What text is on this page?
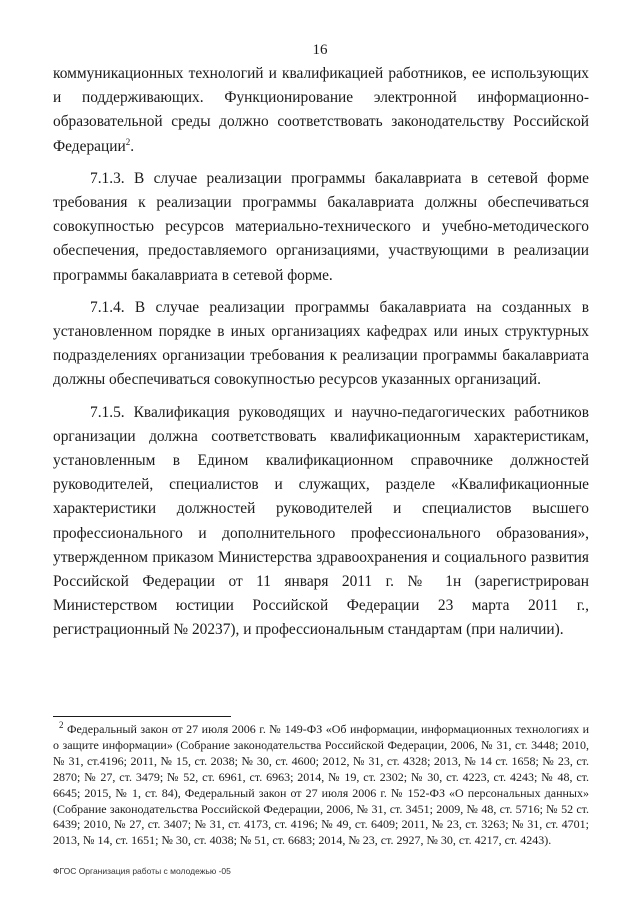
16

коммуникационных технологий и квалификацией работников, ее использующих и поддерживающих. Функционирование электронной информационно-образовательной среды должно соответствовать законодательству Российской Федерации$^2$.

7.1.3. В случае реализации программы бакалавриата в сетевой форме требования к реализации программы бакалавриата должны обеспечиваться совокупностью ресурсов материально-технического и учебно-методического обеспечения, предоставляемого организациями, участвующими в реализации программы бакалавриата в сетевой форме.

7.1.4. В случае реализации программы бакалавриата на созданных в установленном порядке в иных организациях кафедрах или иных структурных подразделениях организации требования к реализации программы бакалавриата должны обеспечиваться совокупностью ресурсов указанных организаций.

7.1.5. Квалификация руководящих и научно-педагогических работников организации должна соответствовать квалификационным характеристикам, установленным в Едином квалификационном справочнике должностей руководителей, специалистов и служащих, разделе «Квалификационные характеристики должностей руководителей и специалистов высшего профессионального и дополнительного профессионального образования», утвержденном приказом Министерства здравоохранения и социального развития Российской Федерации от 11 января 2011 г. № 1н (зарегистрирован Министерством юстиции Российской Федерации 23 марта 2011 г., регистрационный № 20237), и профессиональным стандартам (при наличии).

$^2$ Федеральный закон от 27 июля 2006 г. № 149-ФЗ «Об информации, информационных технологиях и о защите информации» (Собрание законодательства Российской Федерации, 2006, № 31, ст. 3448; 2010, № 31, ст.4196; 2011, № 15, ст. 2038; № 30, ст. 4600; 2012, № 31, ст. 4328; 2013, № 14 ст. 1658; № 23, ст. 2870; № 27, ст. 3479; № 52, ст. 6961, ст. 6963; 2014, № 19, ст. 2302; № 30, ст. 4223, ст. 4243; № 48, ст. 6645; 2015, № 1, ст. 84), Федеральный закон от 27 июля 2006 г. № 152-ФЗ «О персональных данных» (Собрание законодательства Российской Федерации, 2006, № 31, ст. 3451; 2009, № 48, ст. 5716; № 52 ст. 6439; 2010, № 27, ст. 3407; № 31, ст. 4173, ст. 4196; № 49, ст. 6409; 2011, № 23, ст. 3263; № 31, ст. 4701; 2013, № 14, ст. 1651; № 30, ст. 4038; № 51, ст. 6683; 2014, № 23, ст. 2927, № 30, ст. 4217, ст. 4243).
ФГОС Организация работы с молодежью -05
